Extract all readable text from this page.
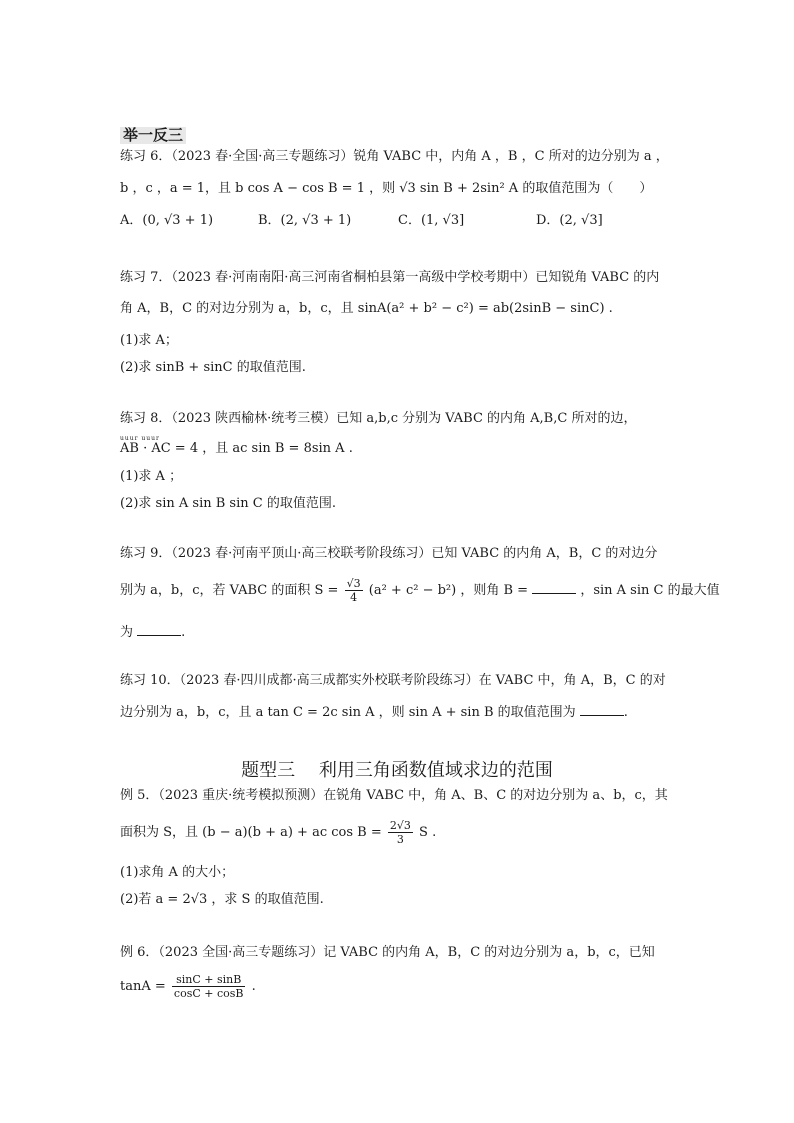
举一反三
练习 6．（2023 春·全国·高三专题练习）锐角 VABC 中，内角 A ，B ，C 所对的边分别为 a ，
b ，c ，a = 1，且 b cos A − cos B = 1 ，则 √3 sin B + 2sin² A 的取值范围为（　　）
A．(0, √3 + 1)	B．(2, √3 + 1)	C．(1, √3]	D．(2, √3]
练习 7．（2023 春·河南南阳·高三河南省桐柏县第一高级中学校考期中）已知锐角 VABC 的内
角 A，B，C 的对边分别为 a，b，c，且 sinA(a² + b² − c²) = ab(2sinB − sinC) .
(1)求 A；
(2)求 sinB + sinC 的取值范围.
练习 8．（2023 陕西榆林·统考三模）已知 a,b,c 分别为 VABC 的内角 A,B,C 所对的边，
uuur uuur
AB · AC = 4 ，且 ac sin B = 8sin A .
(1)求 A ；
(2)求 sin A sin B sin C 的取值范围.
练习 9．（2023 春·河南平顶山·高三校联考阶段练习）已知 VABC 的内角 A，B，C 的对边分
别为 a，b，c，若 VABC 的面积 $S = \frac{√3}{4} (a^2 + c^2 - b^2)$ ，则角 B =	，sin A sin C 的最大值
为	.
练习 10．（2023 春·四川成都·高三成都实外校联考阶段练习）在 VABC 中，角 A，B，C 的对
边分别为 a，b，c，且 a tan C = 2c sin A ，则 sin A + sin B 的取值范围为	.
题型三　 利用三角函数值域求边的范围
例 5．（2023 重庆·统考模拟预测）在锐角 VABC 中，角 A、B、C 的对边分别为 a、b，c，其
面积为 S，且 (b − a)(b + a) + ac $\cos B = \frac{2√3}{3}$ S .
(1)求角 A 的大小；
(2)若 a = 2√3 ，求 S 的取值范围.
例 6．（2023 全国·高三专题练习）记 VABC 的内角 A，B，C 的对边分别为 a，b，c，已知
$\tan A = \frac{\sin C + \sin B}{\cos C + \cos B}$ .
